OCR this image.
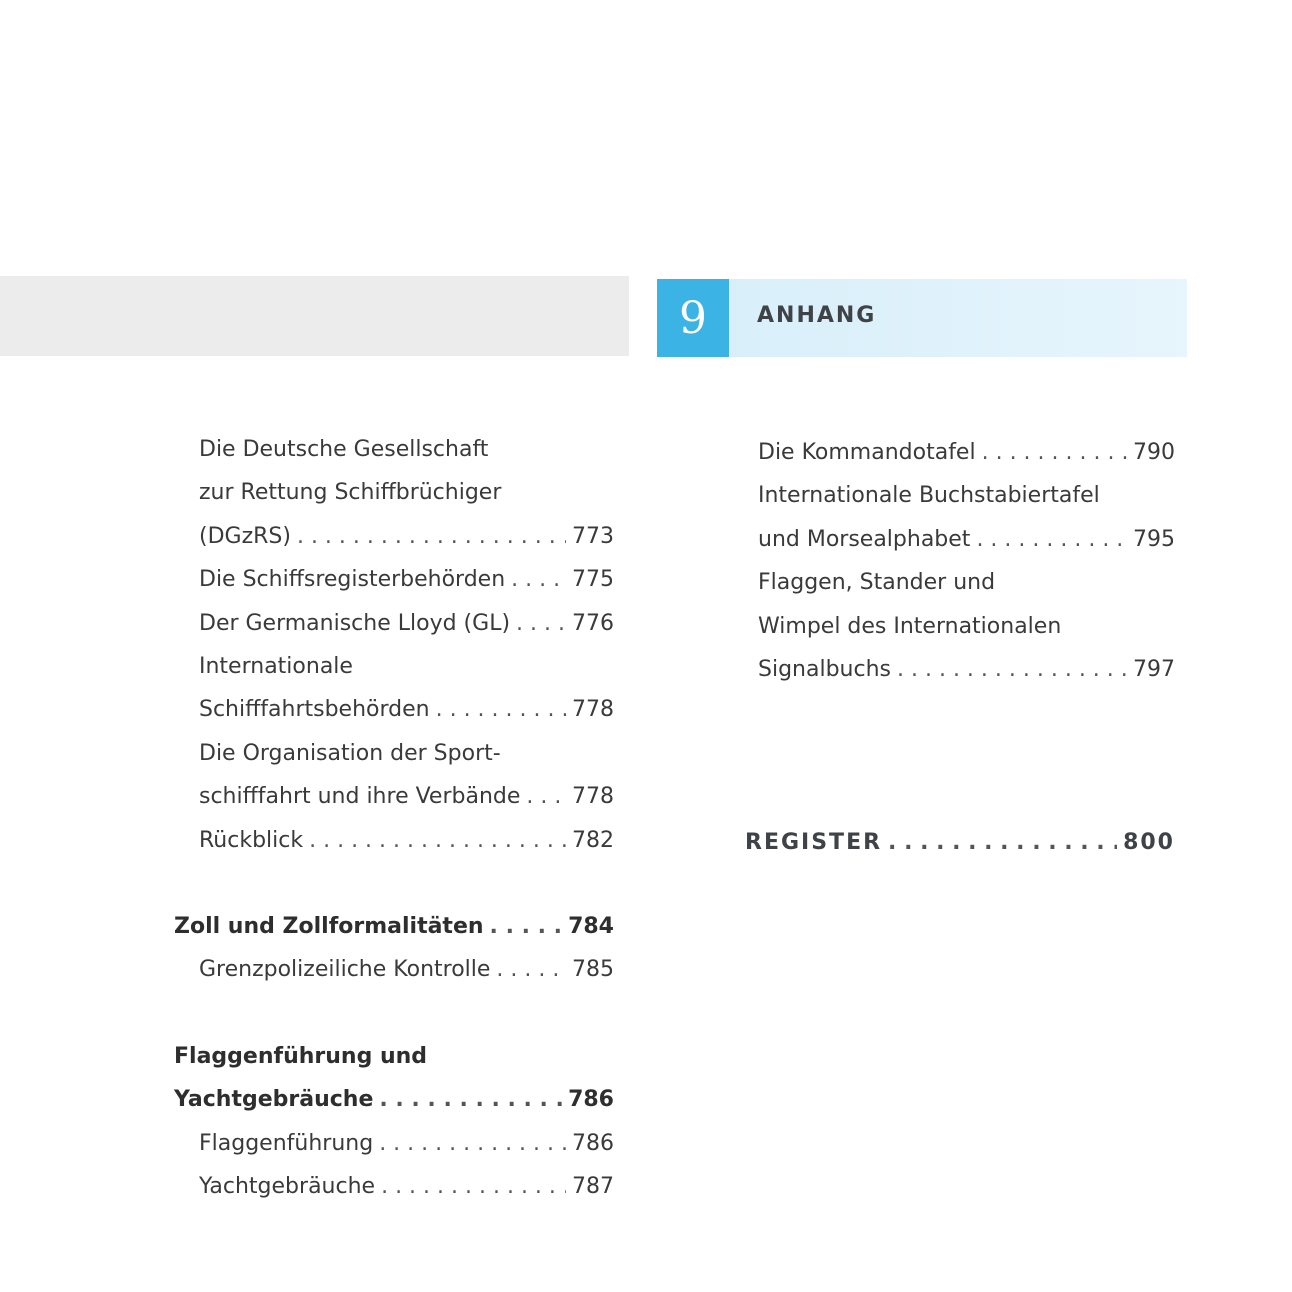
9 ANHANG
Die Deutsche Gesellschaft
zur Rettung Schiffbrüchiger
(DGzRS) . . .	773
Die Schiffsregisterbehörden . . .	775
Der Germanische Lloyd (GL) . . .	776
Internationale
Schifffahrtsbehörden . . .	778
Die Organisation der Sport-
schifffahrt und ihre Verbände . . . 778
Rückblick . . .	782
Zoll und Zollformalitäten . . .	784
Grenzpolizeiliche Kontrolle . . .	785
Flaggenführung und
Yachtgebräuche . . .	786
Flaggenführung . . .	786
Yachtgebräuche . . .	787
Die Kommandotafel . . .	790
Internationale Buchstabiertafel
und Morsealphabet . . .	795
Flaggen, Stander und
Wimpel des Internationalen
Signalbuchs . . .	797
REGISTER . . .	800
